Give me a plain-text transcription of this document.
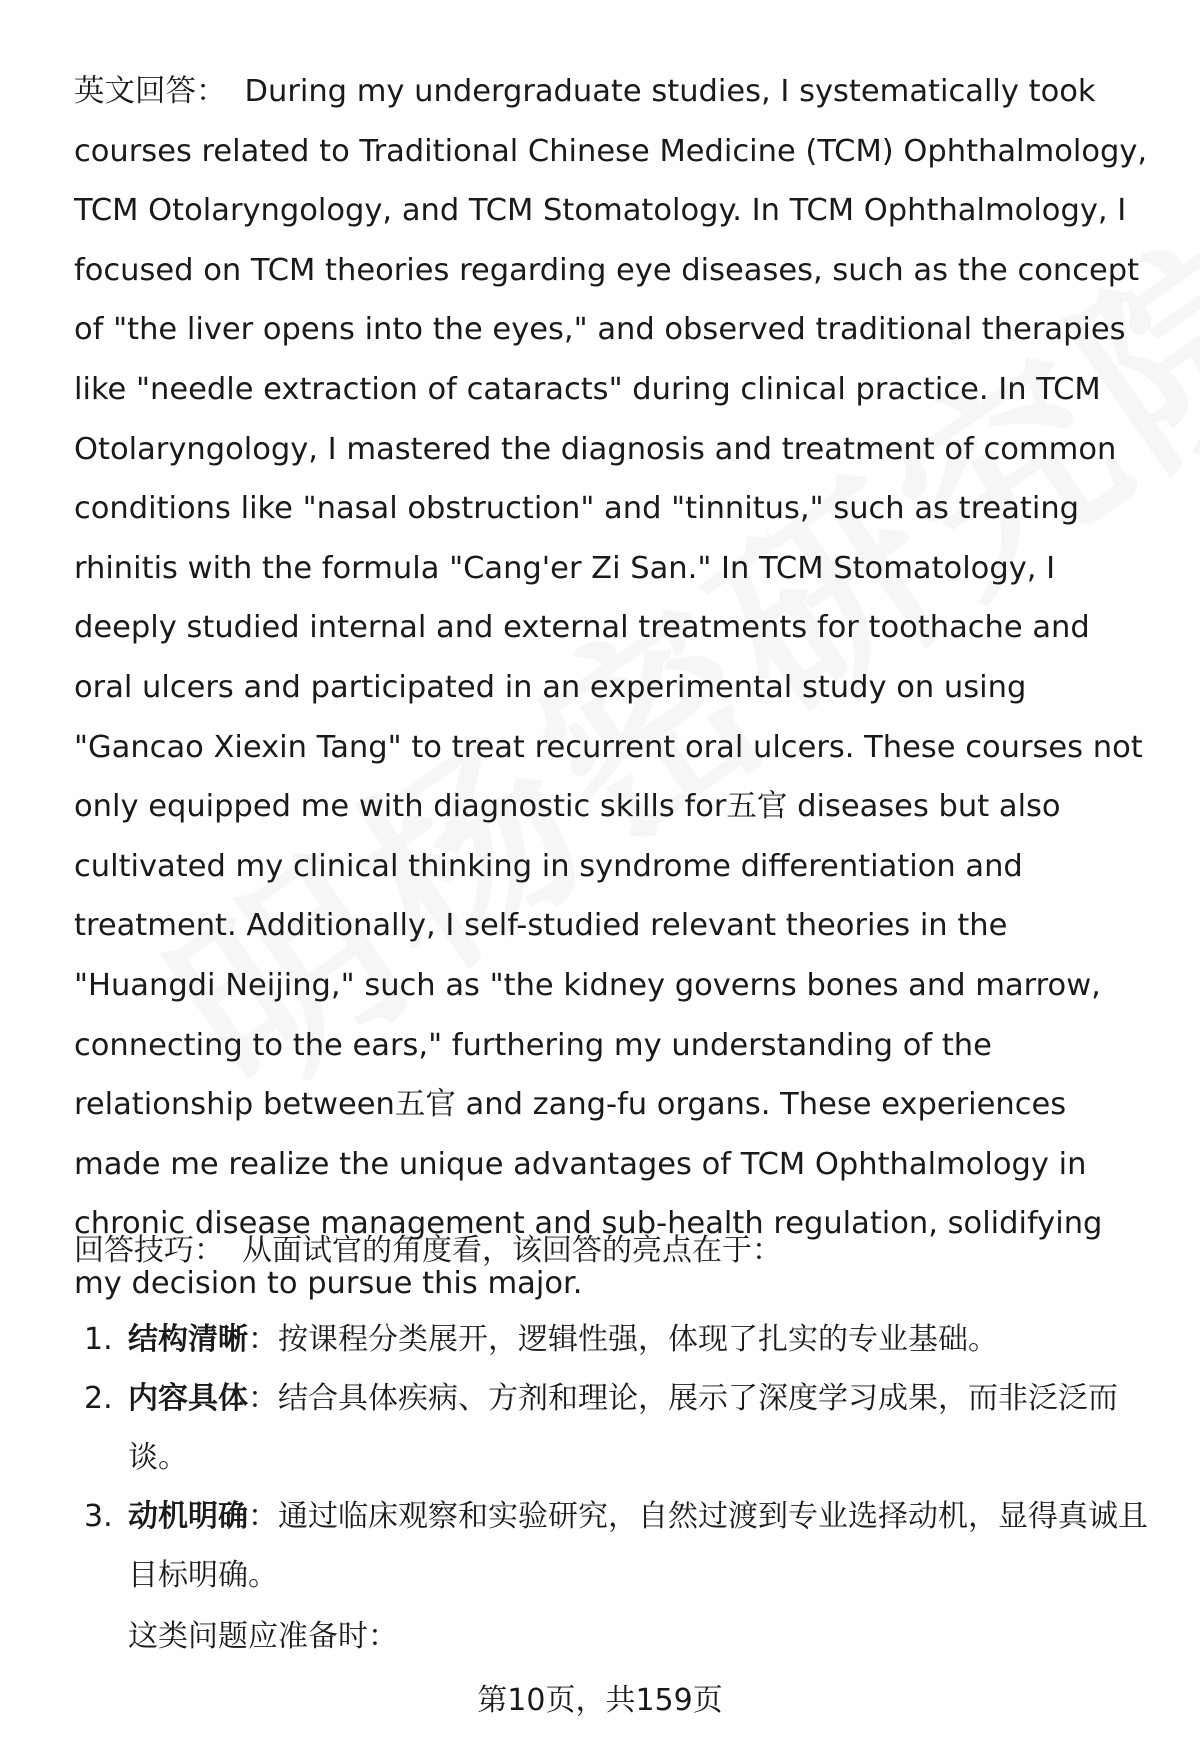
英文回答： During my undergraduate studies, I systematically took courses related to Traditional Chinese Medicine (TCM) Ophthalmology, TCM Otolaryngology, and TCM Stomatology. In TCM Ophthalmology, I focused on TCM theories regarding eye diseases, such as the concept of "the liver opens into the eyes," and observed traditional therapies like "needle extraction of cataracts" during clinical practice. In TCM Otolaryngology, I mastered the diagnosis and treatment of common conditions like "nasal obstruction" and "tinnitus," such as treating rhinitis with the formula "Cang'er Zi San." In TCM Stomatology, I deeply studied internal and external treatments for toothache and oral ulcers and participated in an experimental study on using "Gancao Xiexin Tang" to treat recurrent oral ulcers. These courses not only equipped me with diagnostic skills for五官 diseases but also cultivated my clinical thinking in syndrome differentiation and treatment. Additionally, I self-studied relevant theories in the "Huangdi Neijing," such as "the kidney governs bones and marrow, connecting to the ears," furthering my understanding of the relationship between五官 and zang-fu organs. These experiences made me realize the unique advantages of TCM Ophthalmology in chronic disease management and sub-health regulation, solidifying my decision to pursue this major.

回答技巧： 从面试官的角度看，该回答的亮点在于：

1. 结构清晰：按课程分类展开，逻辑性强，体现了扎实的专业基础。
2. 内容具体：结合具体疾病、方剂和理论，展示了深度学习成果，而非泛泛而谈。
3. 动机明确：通过临床观察和实验研究，自然过渡到专业选择动机，显得真诚且目标明确。

这类问题应准备时：

第10页，共159页
